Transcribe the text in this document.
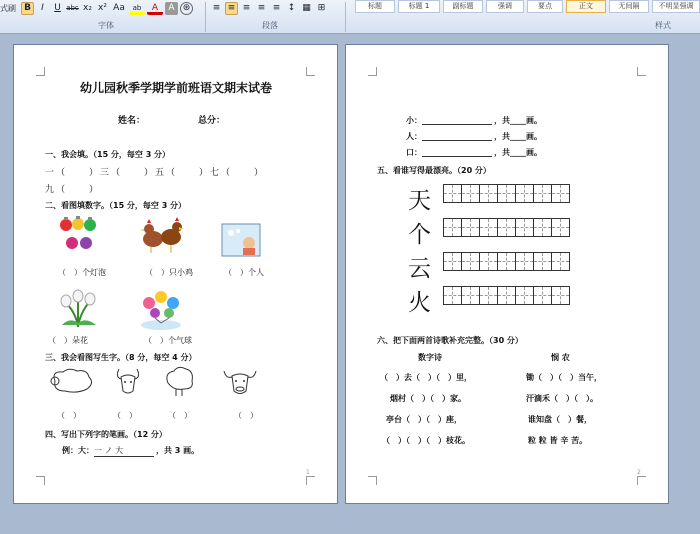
式刷 B	I	U abc x₂ x² Aa	ab	A	A ⊛	≡ ≡ ≡ ≡ ≡ ↕ ▦ ⊞
字体	段落	样式
标题	标题 1	副标题	强调	要点	正文	无间隔	不明显强调
幼儿园秋季学期学前班语文期末试卷
姓名：	总分：
一、我会填。（15 分，每空 3 分）
一（　　）三（　　）五（　　）七（　　）
九（　　）
二、看图填数字。（15 分，每空 3 分）
（　）个灯泡	（　）只小鸡	（　）个人
（　）朵花	（　）个气球
三、我会看图写生字。（8 分，每空 4 分）
（　）	（　）	（　）	（　）
四、写出下列字的笔画。（12 分）
例：大： 一 ノ 大	，共 3 画。
1
小：	，共____画。
人：	，共____画。
口：	，共____画。
五、看谁写得最漂亮。（20 分）
天
个
云
火
六、把下面两首诗歌补充完整。（30 分）
数字诗	悯 农
（　）去（　）（　）里，
烟村（　）（　）家。
亭台（　）（　）座，
（　）（　）（　）枝花。
锄（　）（　）当午，
汗滴禾（　）（　）。
谁知盘（　）餐，
粒 粒 皆 辛 苦。
2
